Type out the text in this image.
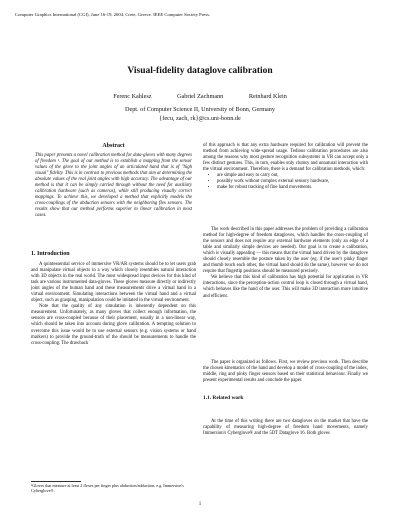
Computer Graphics International (CGI), June 16-19, 2004, Crete, Greece. IEEE Computer Society Press.
Visual-fidelity dataglove calibration
Ferenc Kahlesz	Gabriel Zachmann	Reinhard Klein
Dept. of Computer Science II, University of Bonn, Germany
{fecu, zach, rk}@cs.uni-bonn.de
Abstract
This paper presents a novel calibration method for data-gloves with many degrees of freedom ¹. The goal of our method is to establish a mapping from the sensor values of the glove to the joint angles of an articulated hand that is of "high visual" fidelity. This is in contrast to previous methods that aim at determining the absolute values of the real joint angles with high accuracy. The advantage of our method is that it can be simply carried through without the need for auxiliary calibration hardware (such as cameras), while still producing visually correct mappings. To achieve this, we developed a method that explicitly models the cross-couplings of the abduction sensors with the neighboring flex sensors. The results show that our method performs superior to linear calibration in most cases.
1. Introduction

A quintessential service of immersive VR/AR systems should be to let users grab and manipulate virtual objects in a way which closely resembles natural interaction with 3D objects in the real world. The most widespread input devices for this kind of task are various instrumented data-gloves. These gloves measure directly or indirectly joint angles of the human hand and these measurements drive a virtual hand in a virtual environment. Simulating interactions between the virtual hand and a virtual object, such as grasping, manipulation could be imitated in the virtual environment.

Note that the quality of any simulation is inherently dependent on this measurement. Unfortunately, as many gloves that collect enough information, the sensors are cross-coupled because of their placement, usually in a non-linear way, which should be taken into account during glove calibration. A tempting solution to overcome this issue would be to use external sensors (e.g. vision systems or hand markers) to provide the ground-truth of the should be measurements to handle the cross-coupling. The drawback

¹Gloves that measure at least 2 flexes per finger plus abduction/adduction, e.g. Immersion's Cyberglove®.
of this approach is that any extra hardware required for calibration will prevent the method from achieving wide-spread usage. Tedious calibration procedures are also among the reasons why most gesture recognition subsystems in VR can accept only a few distinct gestures. This, in turn, enables only clumsy and unnatural interaction with the virtual environment. Therefore, there is a demand for calibration methods, which:
• are simple and easy to carry out,
• possibly work without complex external sensory hardware,
• make for robust tracking of fine hand movements.

The work described in this paper addresses the problem of providing a calibration method for high-degree of freedom datagloves, which handles the cross-coupling of the sensors and does not require any external hardware elements (only an edge of a table and similarly simple devices are needed). Our goal is to create a calibration, which is visually appealing — this means that the virtual hand driven by the dataglove should closely resemble the posture taken by the user (eg. if the user's pinky finger and thumb touch each other, the virtual hand should do the same), however we do not require that fingertip positions should be measured precisely.

We believe that this kind of calibration has high potential for application in VR interactions, since the perception-action control loop is closed through a virtual hand, which behaves like the hand of the user. This will make 3D interaction more intuitive and efficient.

The paper is organized as follows. First, we review previous work. Then describe the chosen kinematics of the hand and develop a model of cross-coupling of the index, middle, ring and pinky finger sensors based on their statistical behaviour. Finally we present experimental results and conclude the paper.

1.1. Related work

At the time of this writing there are two datagloves on the market that have the capability of measuring high-degree of freedom hand movements, namely Immersion's Cyberglove® and the 5DT Dataglove 16. Both gloves

1
